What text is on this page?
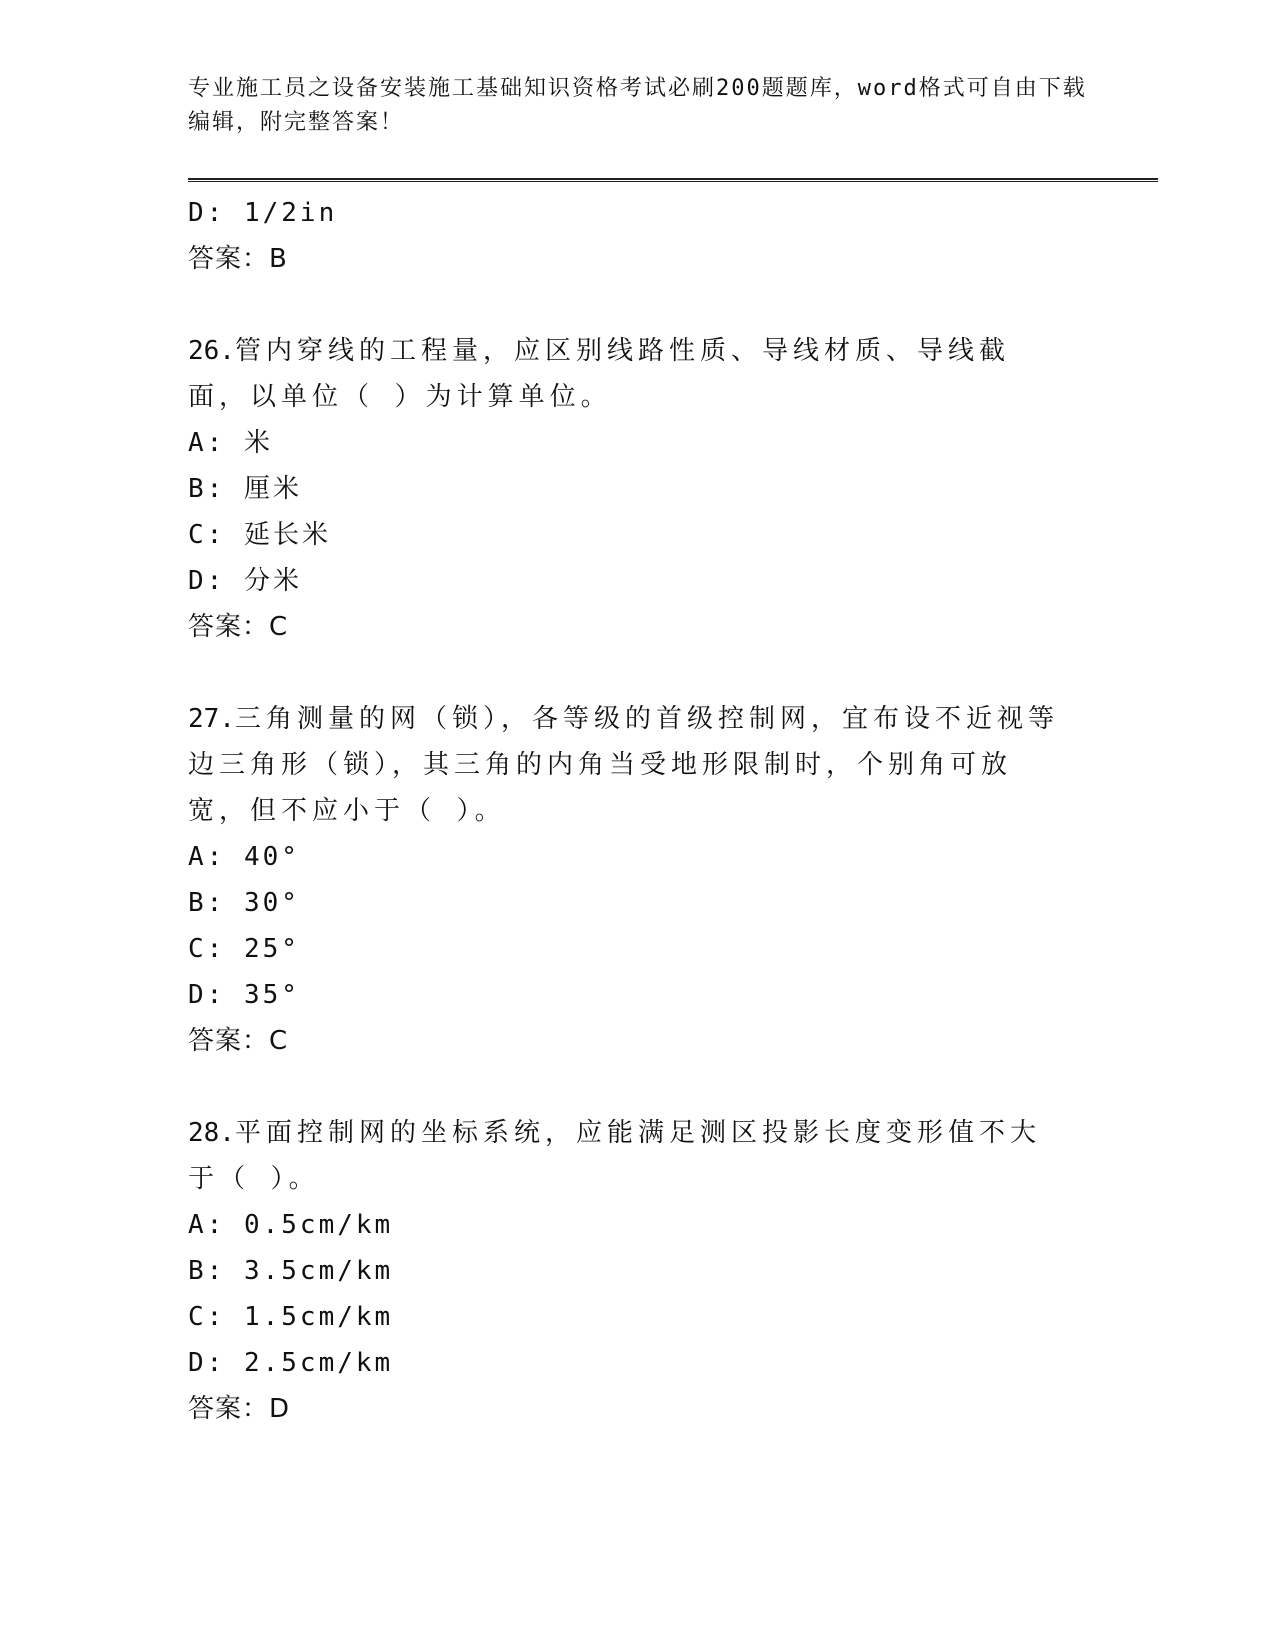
专业施工员之设备安装施工基础知识资格考试必刷200题题库，word格式可自由下载编辑，附完整答案！
D: 1/2in
答案：B
26.管内穿线的工程量，应区别线路性质、导线材质、导线截面，以单位（ ）为计算单位。
A: 米
B: 厘米
C: 延长米
D: 分米
答案：C
27.三角测量的网（锁），各等级的首级控制网，宜布设不近视等边三角形（锁），其三角的内角当受地形限制时，个别角可放宽，但不应小于（ ）。
A: 40°
B: 30°
C: 25°
D: 35°
答案：C
28.平面控制网的坐标系统，应能满足测区投影长度变形值不大于（ ）。
A: 0.5cm/km
B: 3.5cm/km
C: 1.5cm/km
D: 2.5cm/km
答案：D
